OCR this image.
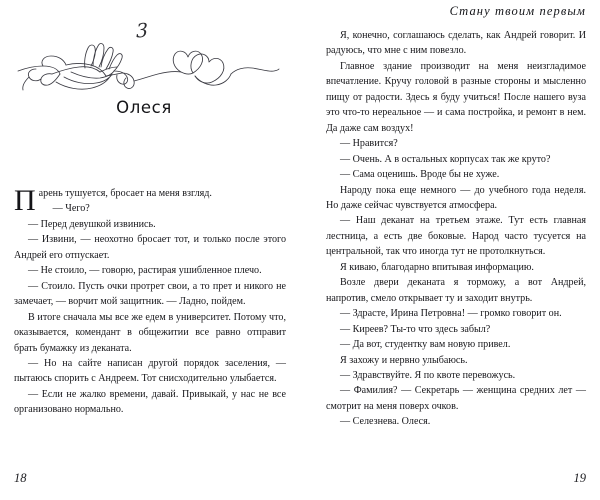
3
Олеся

Парень тушуется, бросает на меня взгляд.

— Чего?

— Перед девушкой извинись.

— Извини, — неохотно бросает тот, и только после этого Андрей его отпускает.

— Не стоило, — говорю, растирая ушибленное плечо.

— Стоило. Пусть очки протрет свои, а то прет и никого не замечает, — ворчит мой защитник. — Ладно, пойдем.

В итоге сначала мы все же едем в университет. Потому что, оказывается, комендант в общежитии все равно отправит брать бумажку из деканата.

— Но на сайте написан другой порядок заселения, — пытаюсь спорить с Андреем. Тот снисходительно улыбается.

— Если не жалко времени, давай. Привыкай, у нас не все организовано нормально.

18
Стану твоим первым

Я, конечно, соглашаюсь сделать, как Андрей говорит. И радуюсь, что мне с ним повезло.

Главное здание производит на меня неизгладимое впечатление. Кручу головой в разные стороны и мысленно пищу от радости. Здесь я буду учиться! После нашего вуза это что-то нереальное — и сама постройка, и ремонт в нем. Да даже сам воздух!

— Нравится?

— Очень. А в остальных корпусах так же круто?

— Сама оценишь. Вроде бы не хуже.

Народу пока еще немного — до учебного года неделя. Но даже сейчас чувствуется атмосфера.

— Наш деканат на третьем этаже. Тут есть главная лестница, а есть две боковые. Народ часто тусуется на центральной, так что иногда тут не протолкнуться.

Я киваю, благодарно впитывая информацию.

Возле двери деканата я торможу, а вот Андрей, напротив, смело открывает ту и заходит внутрь.

— Здрасте, Ирина Петровна! — громко говорит он.

— Киреев? Ты-то что здесь забыл?

— Да вот, студентку вам новую привел.

Я захожу и нервно улыбаюсь.

— Здравствуйте. Я по квоте перевожусь.

— Фамилия? — Секретарь — женщина средних лет — смотрит на меня поверх очков.

— Селезнева. Олеся.

19
